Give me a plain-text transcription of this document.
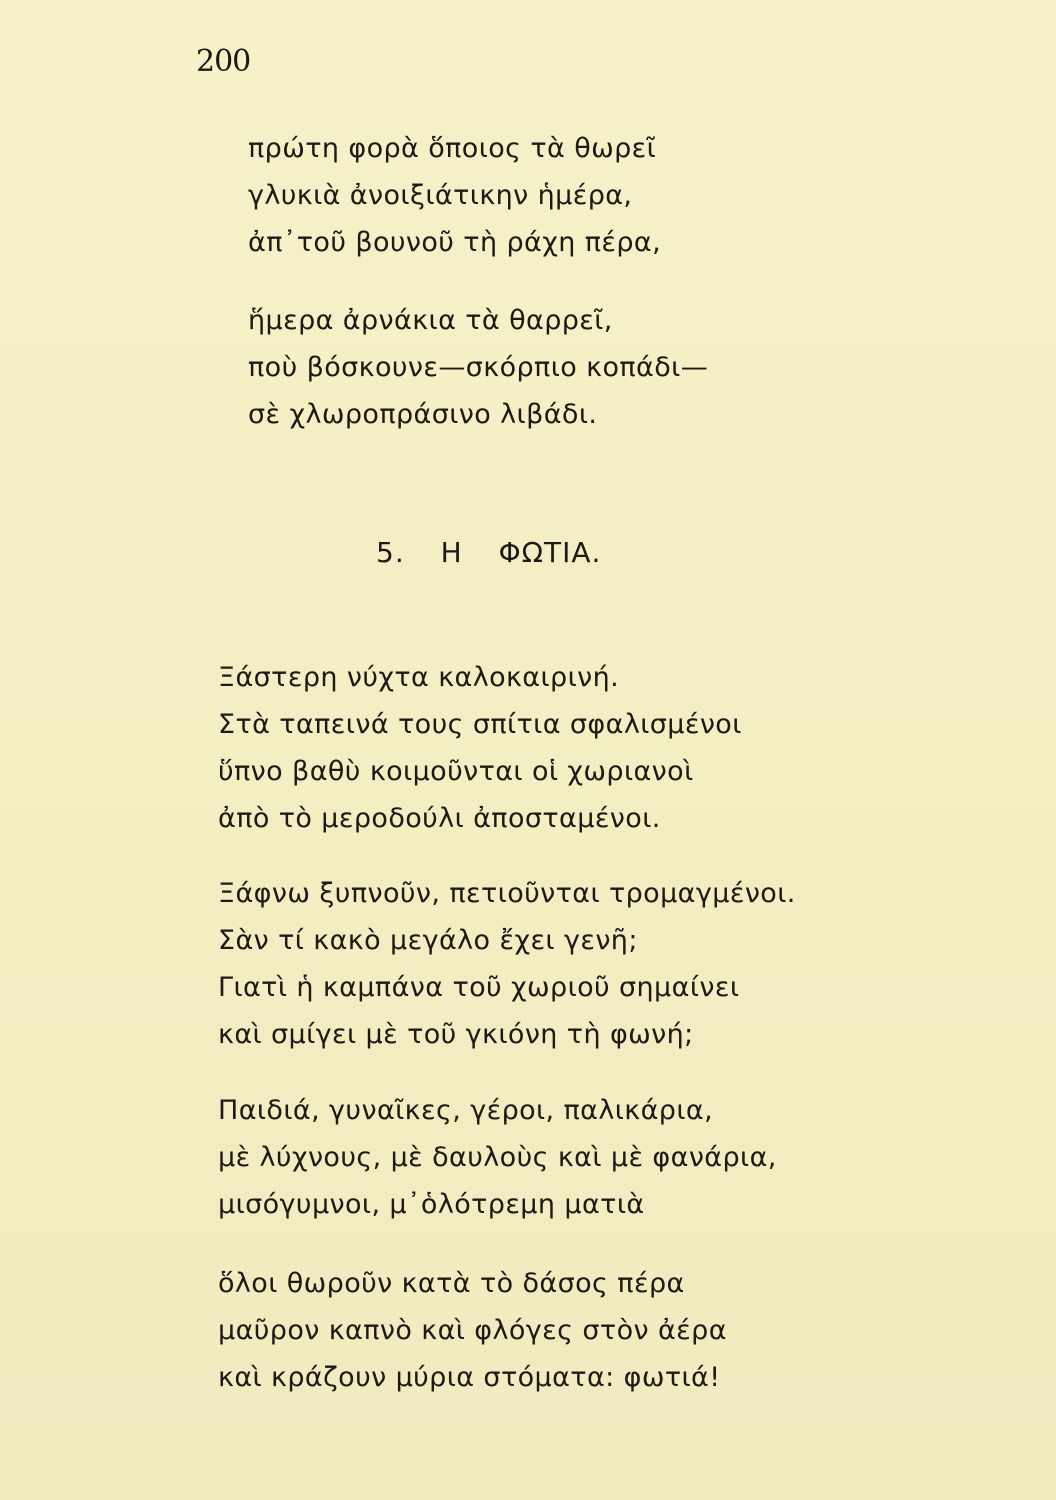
200
πρώτη φορὰ ὅποιος τὰ θωρεῖ
γλυκιὰ ἀνοιξιάτικην ἡμέρα,
ἀπ᾿τοῦ βουνοῦ τὴ ράχη πέρα,
ἥμερα ἀρνάκια τὰ θαρρεῖ,
ποὺ βόσκουνε—σκόρπιο κοπάδι—
σὲ χλωροπράσινο λιβάδι.
5. Η ΦΩΤΙΑ.
Ξάστερη νύχτα καλοκαιρινή.
Στὰ ταπεινά τους σπίτια σφαλισμένοι
ὕπνο βαθὺ κοιμοῦνται οἱ χωριανοὶ
ἀπὸ τὸ μεροδούλι ἀποσταμένοι.
Ξάφνω ξυπνοῦν, πετιοῦνται τρομαγμένοι.
Σὰν τί κακὸ μεγάλο ἔχει γενῆ;
Γιατὶ ἡ καμπάνα τοῦ χωριοῦ σημαίνει
καὶ σμίγει μὲ τοῦ γκιόνη τὴ φωνή;
Παιδιά, γυναῖκες, γέροι, παλικάρια,
μὲ λύχνους, μὲ δαυλοὺς καὶ μὲ φανάρια,
μισόγυμνοι, μ᾿ὁλότρεμη ματιὰ
ὅλοι θωροῦν κατὰ τὸ δάσος πέρα
μαῦρον καπνὸ καὶ φλόγες στὸν ἀέρα
καὶ κράζουν μύρια στόματα: φωτιά!
